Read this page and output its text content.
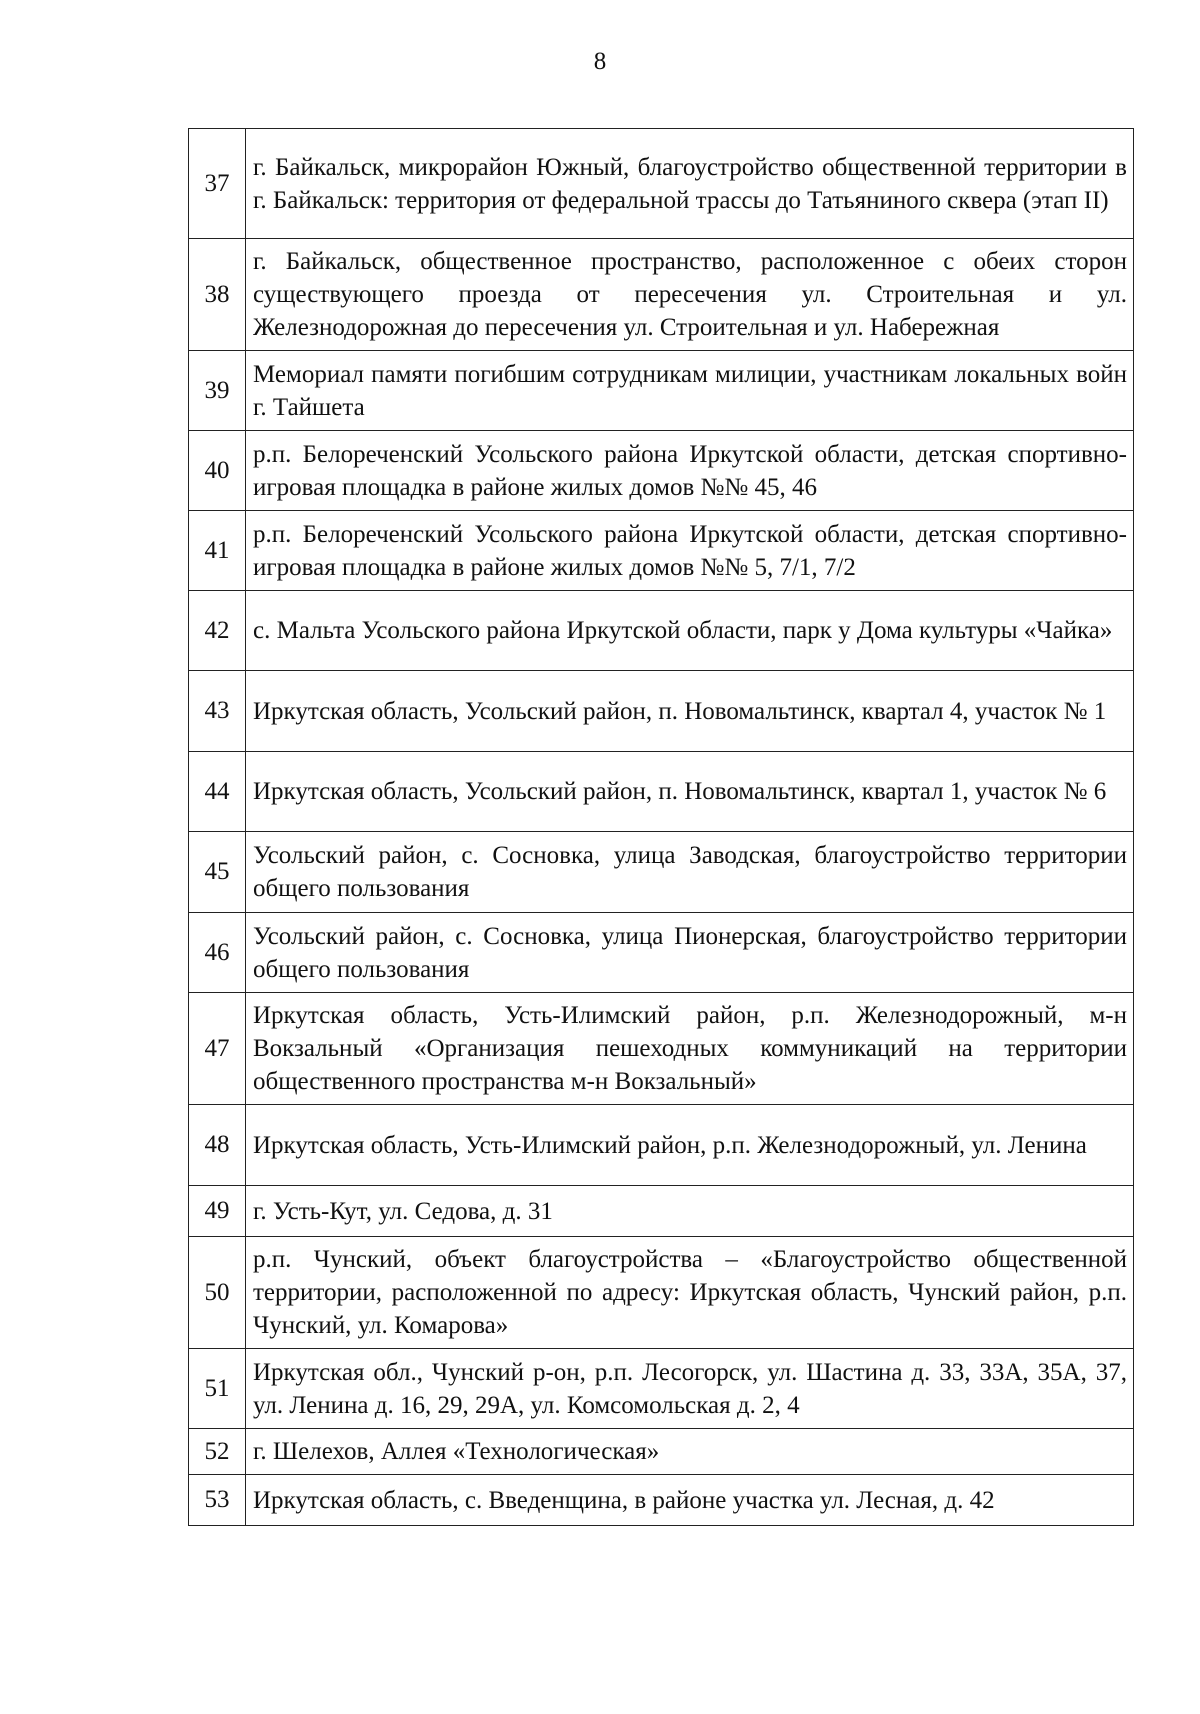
8
37	г. Байкальск, микрорайон Южный, благоустройство общественной территории в г. Байкальск: территория от федеральной трассы до Татьяниного сквера (этап II)
38	г. Байкальск, общественное пространство, расположенное с обеих сторон существующего проезда от пересечения ул. Строительная и ул. Железнодорожная до пересечения ул. Строительная и ул. Набережная
39	Мемориал памяти погибшим сотрудникам милиции, участникам локальных войн г. Тайшета
40	р.п. Белореченский Усольского района Иркутской области, детская спортивно-игровая площадка в районе жилых домов №№ 45, 46
41	р.п. Белореченский Усольского района Иркутской области, детская спортивно-игровая площадка в районе жилых домов №№ 5, 7/1, 7/2
42	с. Мальта Усольского района Иркутской области, парк у Дома культуры «Чайка»
43	Иркутская область, Усольский район, п. Новомальтинск, квартал 4, участок № 1
44	Иркутская область, Усольский район, п. Новомальтинск, квартал 1, участок № 6
45	Усольский район, с. Сосновка, улица Заводская, благоустройство территории общего пользования
46	Усольский район, с. Сосновка, улица Пионерская, благоустройство территории общего пользования
47	Иркутская область, Усть-Илимский район, р.п. Железнодорожный, м-н Вокзальный «Организация пешеходных коммуникаций на территории общественного пространства м-н Вокзальный»
48	Иркутская область, Усть-Илимский район, р.п. Железнодорожный, ул. Ленина
49	г. Усть-Кут, ул. Седова, д. 31
50	р.п. Чунский, объект благоустройства – «Благоустройство общественной территории, расположенной по адресу: Иркутская область, Чунский район, р.п. Чунский, ул. Комарова»
51	Иркутская обл., Чунский р-он, р.п. Лесогорск, ул. Шастина д. 33, 33А, 35А, 37, ул. Ленина д. 16, 29, 29А, ул. Комсомольская д. 2, 4
52	г. Шелехов, Аллея «Технологическая»
53	Иркутская область, с. Введенщина, в районе участка ул. Лесная, д. 42
